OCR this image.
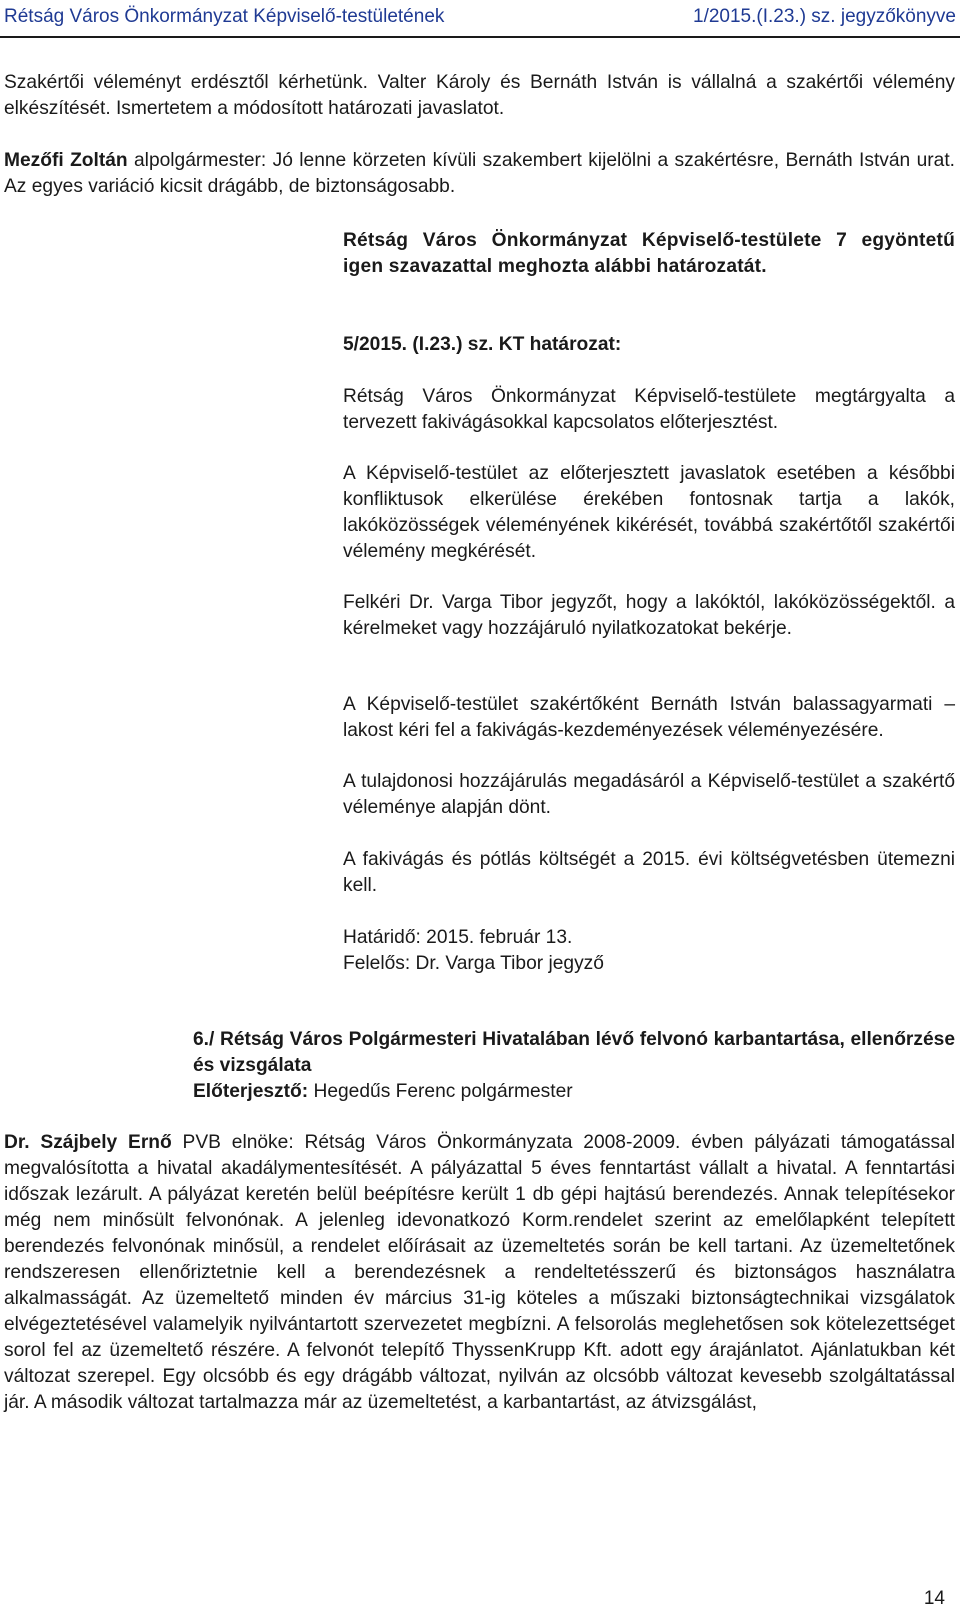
Rétság Város Önkormányzat Képviselő-testületének	1/2015.(I.23.) sz. jegyzőkönyve
Szakértői véleményt erdésztől kérhetünk. Valter Károly és Bernáth István is vállalná a szakértői vélemény elkészítését. Ismertetem a módosított határozati javaslatot.
Mezőfi Zoltán alpolgármester: Jó lenne körzeten kívüli szakembert kijelölni a szakértésre, Bernáth István urat. Az egyes variáció kicsit drágább, de biztonságosabb.
Rétság Város Önkormányzat Képviselő-testülete 7 egyöntetű igen szavazattal meghozta alábbi határozatát.
5/2015. (I.23.) sz. KT határozat:
Rétság Város Önkormányzat Képviselő-testülete megtárgyalta a tervezett fakivágásokkal kapcsolatos előterjesztést.
A Képviselő-testület az előterjesztett javaslatok esetében a későbbi konfliktusok elkerülése érekében fontosnak tartja a lakók, lakóközösségek véleményének kikérését, továbbá szakértőtől szakértői vélemény megkérését.
Felkéri Dr. Varga Tibor jegyzőt, hogy a lakóktól, lakóközösségektől. a kérelmeket vagy hozzájáruló nyilatkozatokat bekérje.
A Képviselő-testület szakértőként Bernáth István balassagyarmati – lakost kéri fel a fakivágás-kezdeményezések véleményezésére.
A tulajdonosi hozzájárulás megadásáról a Képviselő-testület a szakértő véleménye alapján dönt.
A fakivágás és pótlás költségét a 2015. évi költségvetésben ütemezni kell.
Határidő: 2015. február 13.
Felelős: Dr. Varga Tibor jegyző
6./ Rétság Város Polgármesteri Hivatalában lévő felvonó karbantartása, ellenőrzése és vizsgálata
Előterjesztő: Hegedűs Ferenc polgármester
Dr. Szájbely Ernő PVB elnöke: Rétság Város Önkormányzata 2008-2009. évben pályázati támogatással megvalósította a hivatal akadálymentesítését. A pályázattal 5 éves fenntartást vállalt a hivatal. A fenntartási időszak lezárult. A pályázat keretén belül beépítésre került 1 db gépi hajtású berendezés. Annak telepítésekor még nem minősült felvonónak. A jelenleg idevonatkozó Korm.rendelet szerint az emelőlapként telepített berendezés felvonónak minősül, a rendelet előírásait az üzemeltetés során be kell tartani. Az üzemeltetőnek rendszeresen ellenőriztetnie kell a berendezésnek a rendeltetésszerű és biztonságos használatra alkalmasságát. Az üzemeltető minden év március 31-ig köteles a műszaki biztonságtechnikai vizsgálatok elvégeztetésével valamelyik nyilvántartott szervezetet megbízni. A felsorolás meglehetősen sok kötelezettséget sorol fel az üzemeltető részére. A felvonót telepítő ThyssenKrupp Kft. adott egy árajánlatot. Ajánlatukban két változat szerepel. Egy olcsóbb és egy drágább változat, nyilván az olcsóbb változat kevesebb szolgáltatással jár. A második változat tartalmazza már az üzemeltetést, a karbantartást, az átvizsgálást,
14
